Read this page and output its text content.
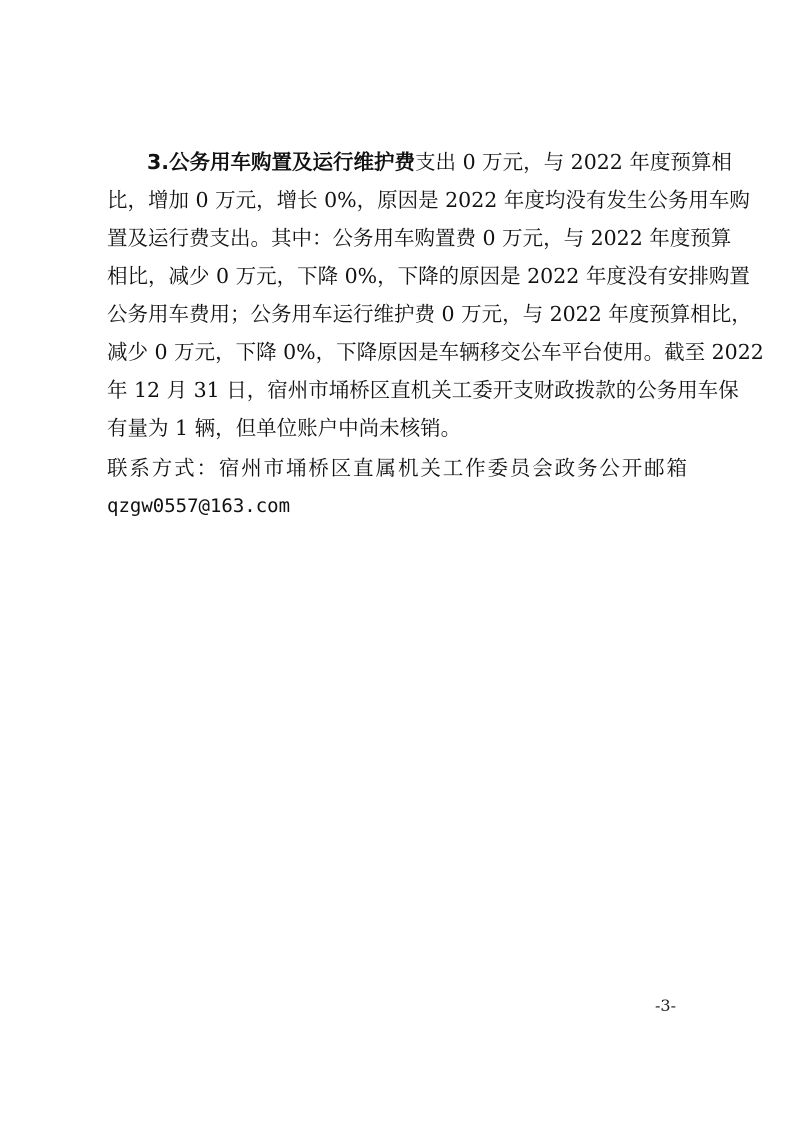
3.公务用车购置及运行维护费支出 0 万元，与 2022 年度预算相
比，增加 0 万元，增长 0%，原因是 2022 年度均没有发生公务用车购
置及运行费支出。其中：公务用车购置费 0 万元，与 2022 年度预算
相比，减少 0 万元，下降 0%，下降的原因是 2022 年度没有安排购置
公务用车费用；公务用车运行维护费 0 万元，与 2022 年度预算相比，
减少 0 万元，下降 0%，下降原因是车辆移交公车平台使用。截至 2022
年 12 月 31 日，宿州市埇桥区直机关工委开支财政拨款的公务用车保
有量为 1 辆，但单位账户中尚未核销。
联系方式：宿州市埇桥区直属机关工作委员会政务公开邮箱
qzgw0557@163.com
-3-
